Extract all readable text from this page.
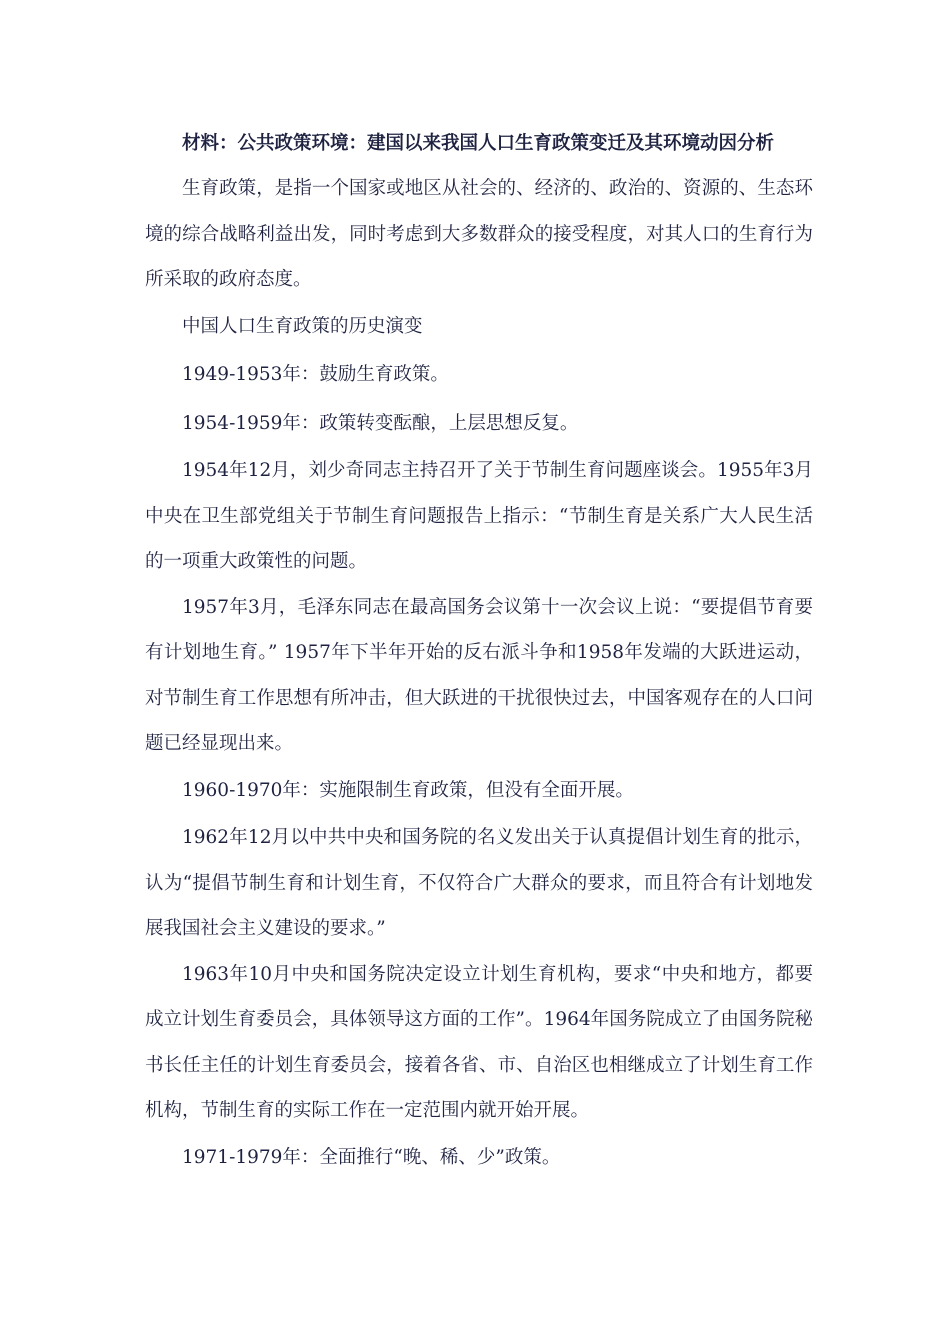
材料：公共政策环境：建国以来我国人口生育政策变迁及其环境动因分析

生育政策，是指一个国家或地区从社会的、经济的、政治的、资源的、生态环境的综合战略利益出发，同时考虑到大多数群众的接受程度，对其人口的生育行为所采取的政府态度。

中国人口生育政策的历史演变

1949-1953年：鼓励生育政策。

1954-1959年：政策转变酝酿，上层思想反复。

1954年12月，刘少奇同志主持召开了关于节制生育问题座谈会。1955年3月中央在卫生部党组关于节制生育问题报告上指示：“节制生育是关系广大人民生活的一项重大政策性的问题。

1957年3月，毛泽东同志在最高国务会议第十一次会议上说：“要提倡节育要有计划地生育。” 1957年下半年开始的反右派斗争和1958年发端的大跃进运动，对节制生育工作思想有所冲击，但大跃进的干扰很快过去，中国客观存在的人口问题已经显现出来。

1960-1970年：实施限制生育政策，但没有全面开展。

1962年12月以中共中央和国务院的名义发出关于认真提倡计划生育的批示，认为“提倡节制生育和计划生育，不仅符合广大群众的要求，而且符合有计划地发展我国社会主义建设的要求。”

1963年10月中央和国务院决定设立计划生育机构，要求“中央和地方，都要成立计划生育委员会，具体领导这方面的工作”。1964年国务院成立了由国务院秘书长任主任的计划生育委员会，接着各省、市、自治区也相继成立了计划生育工作机构，节制生育的实际工作在一定范围内就开始开展。

1971-1979年：全面推行“晚、稀、少”政策。
